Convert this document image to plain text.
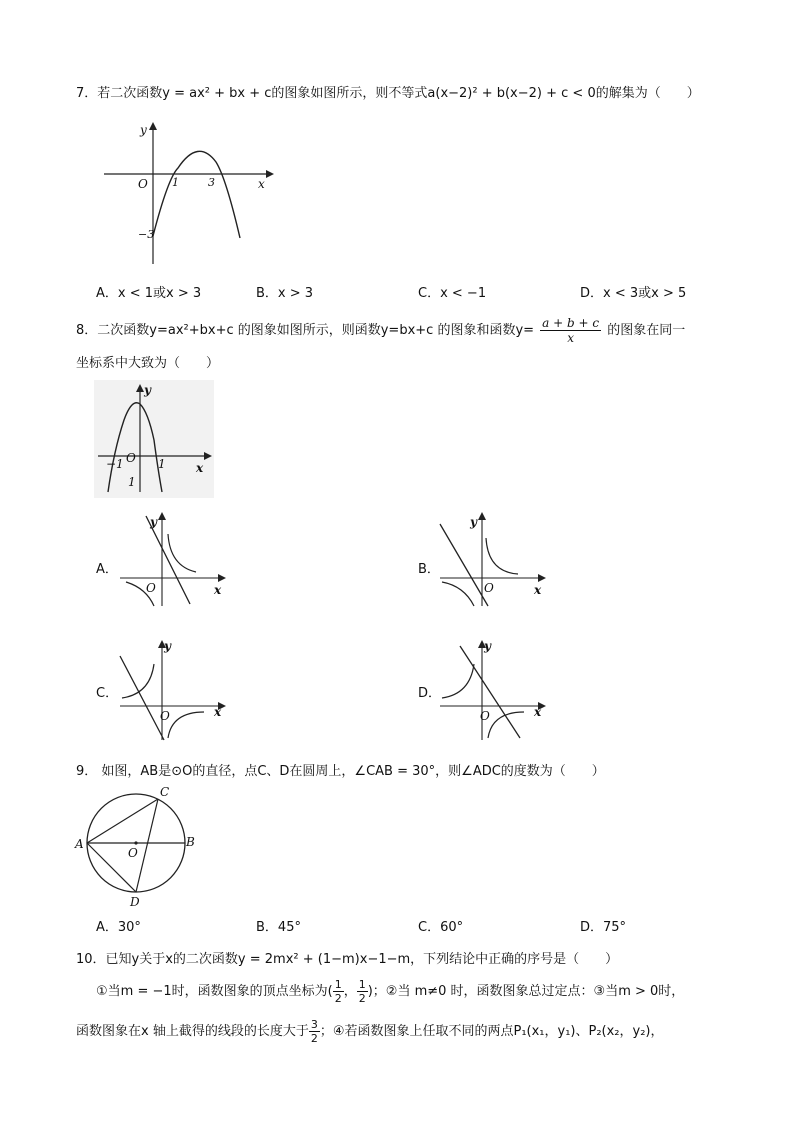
7．若二次函数y = ax² + bx + c的图象如图所示，则不等式a(x−2)² + b(x−2) + c < 0的解集为（　　）
y
x
O 1	3
−3
A．x < 1或x > 3	B．x > 3	C．x < −1	D．x < 3或x > 5
8．二次函数y=ax²+bx+c 的图象如图所示，则函数y=bx+c 的图象和函数$y= \frac{a + b + c}{x}$ 的图象在同一
坐标系中大致为（　　）
y
x
O
−1	1
1
A．
y
x
O
B．
y
x
O
C．
y
x
O
D．
y
x
O
9． 如图，AB是⊙O的直径，点C、D在圆周上，∠CAB = 30°，则∠ADC的度数为（　　）
A	B
C
D
O
A．30°	B．45°	C．60°	D．75°
10．已知y关于x的二次函数y = 2mx² + (1−m)x−1−m，下列结论中正确的序号是（　　）
①当m = −1时，函数图象的顶点坐标为( $\frac{1}{2}$ ， $\frac{1}{2}$ )；②当 m≠0 时，函数图象总过定点：③当m > 0时，
函数图象在x 轴上截得的线段的长度大于 $\frac{3}{2}$ ；④若函数图象上任取不同的两点P₁(x₁，y₁)、P₂(x₂，y₂)，
